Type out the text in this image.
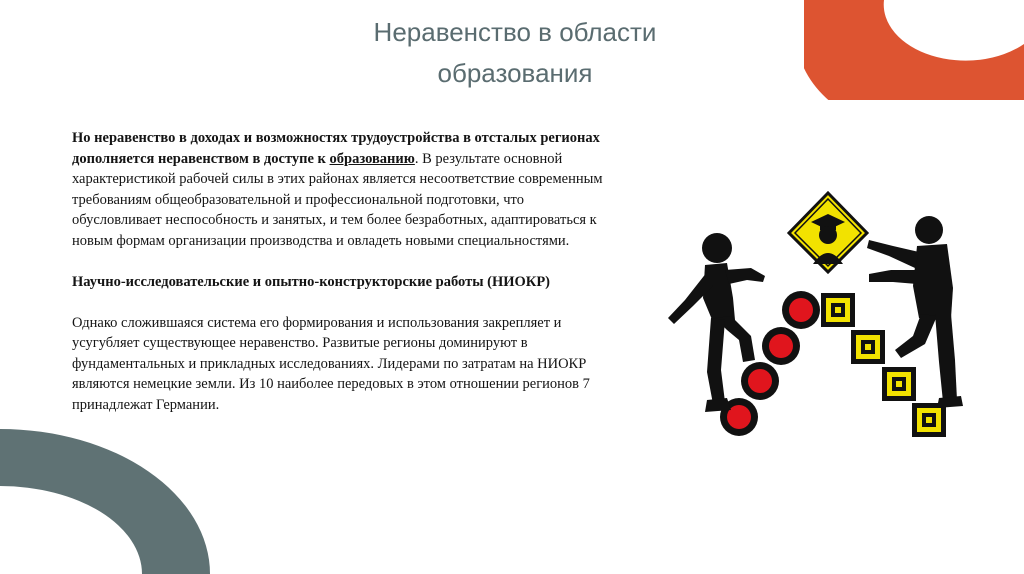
Неравенство в области
образования

Но неравенство в доходах и возможностях трудоустройства в отсталых регионах дополняется неравенством в доступе к образованию. В результате основной характеристикой рабочей силы в этих районах является несоответствие современным требованиям общеобразовательной и профессиональной подготовки, что обусловливает неспособность и занятых, и тем более безработных, адаптироваться к новым формам организации производства и овладеть новыми специальностями.

Научно-исследовательские и опытно-конструкторские работы (НИОКР)

Однако сложившаяся система его формирования и использования закрепляет и усугубляет существующее неравенство. Развитые регионы доминируют в фундаментальных и прикладных исследованиях. Лидерами по затратам на НИОКР являются немецкие земли. Из 10 наиболее передовых в этом отношении регионов 7 принадлежат Германии.
